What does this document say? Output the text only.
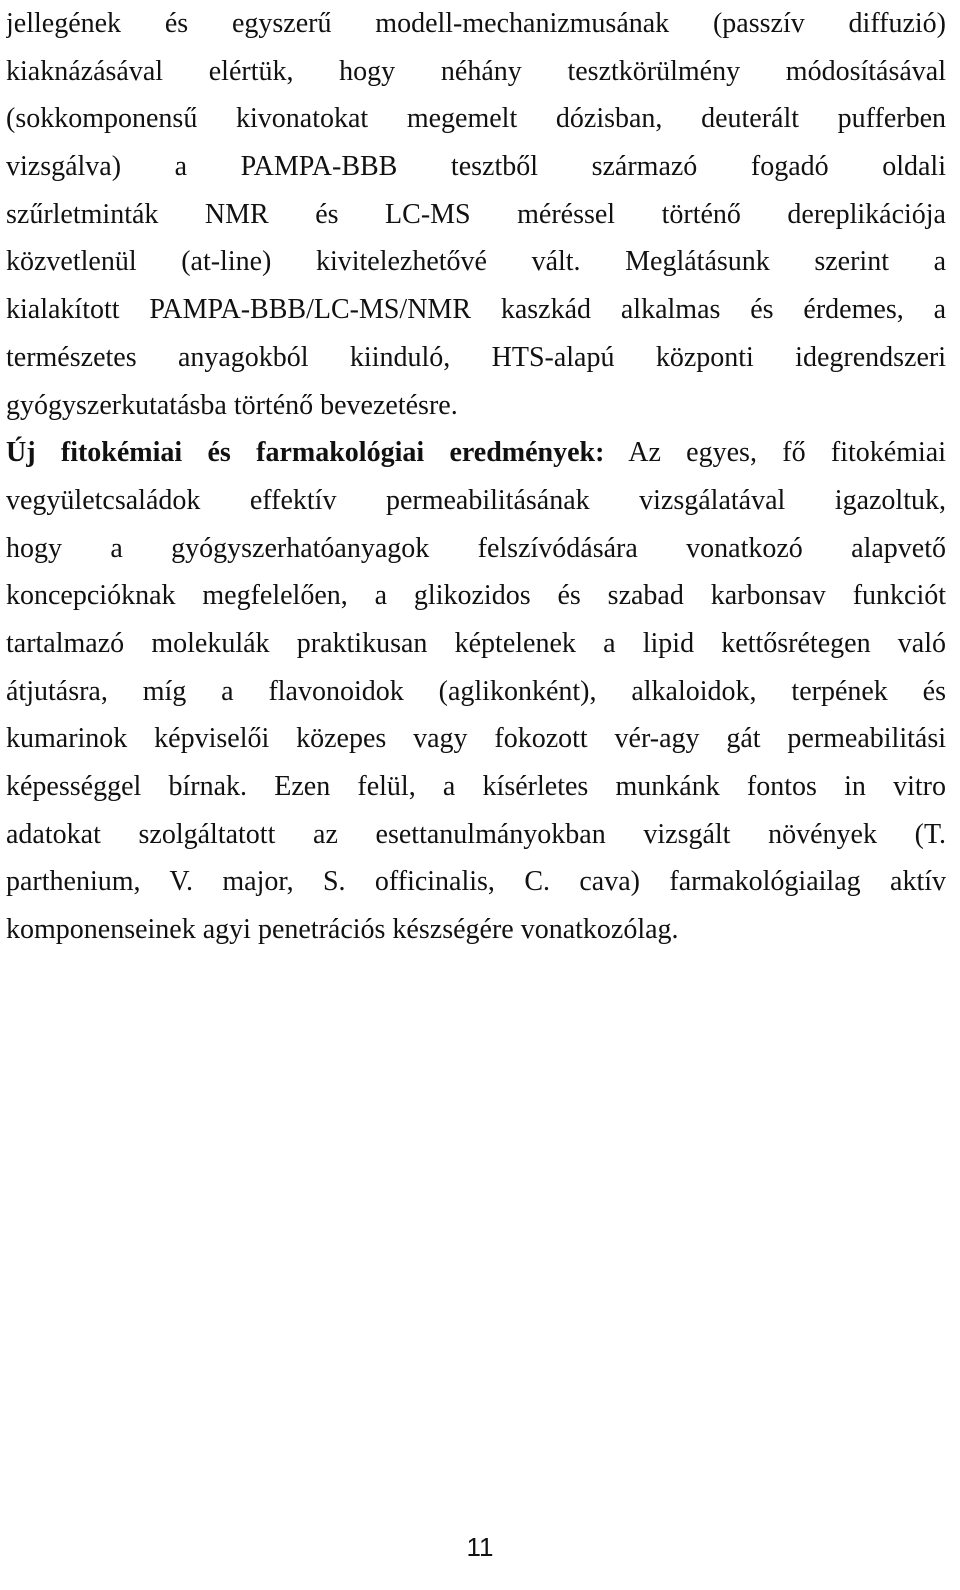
jellegének és egyszerű modell-mechanizmusának (passzív diffuzió)
kiaknázásával elértük, hogy néhány tesztkörülmény módosításával
(sokkomponensű kivonatokat megemelt dózisban, deuterált pufferben
vizsgálva) a PAMPA-BBB tesztből származó fogadó oldali
szűrletminták NMR és LC-MS méréssel történő dereplikációja
közvetlenül (at-line) kivitelezhetővé vált. Meglátásunk szerint a
kialakított PAMPA-BBB/LC-MS/NMR kaszkád alkalmas és érdemes, a
természetes anyagokból kiinduló, HTS-alapú központi idegrendszeri
gyógyszerkutatásba történő bevezetésre.
Új fitokémiai és farmakológiai eredmények: Az egyes, fő fitokémiai
vegyületcsaládok effektív permeabilitásának vizsgálatával igazoltuk,
hogy a gyógyszerhatóanyagok felszívódására vonatkozó alapvető
koncepcióknak megfelelően, a glikozidos és szabad karbonsav funkciót
tartalmazó molekulák praktikusan képtelenek a lipid kettősrétegen való
átjutásra, míg a flavonoidok (aglikonként), alkaloidok, terpének és
kumarinok képviselői közepes vagy fokozott vér-agy gát permeabilitási
képességgel bírnak. Ezen felül, a kísérletes munkánk fontos in vitro
adatokat szolgáltatott az esettanulmányokban vizsgált növények (T.
parthenium, V. major, S. officinalis, C. cava) farmakológiailag aktív
komponenseinek agyi penetrációs készségére vonatkozólag.
11
